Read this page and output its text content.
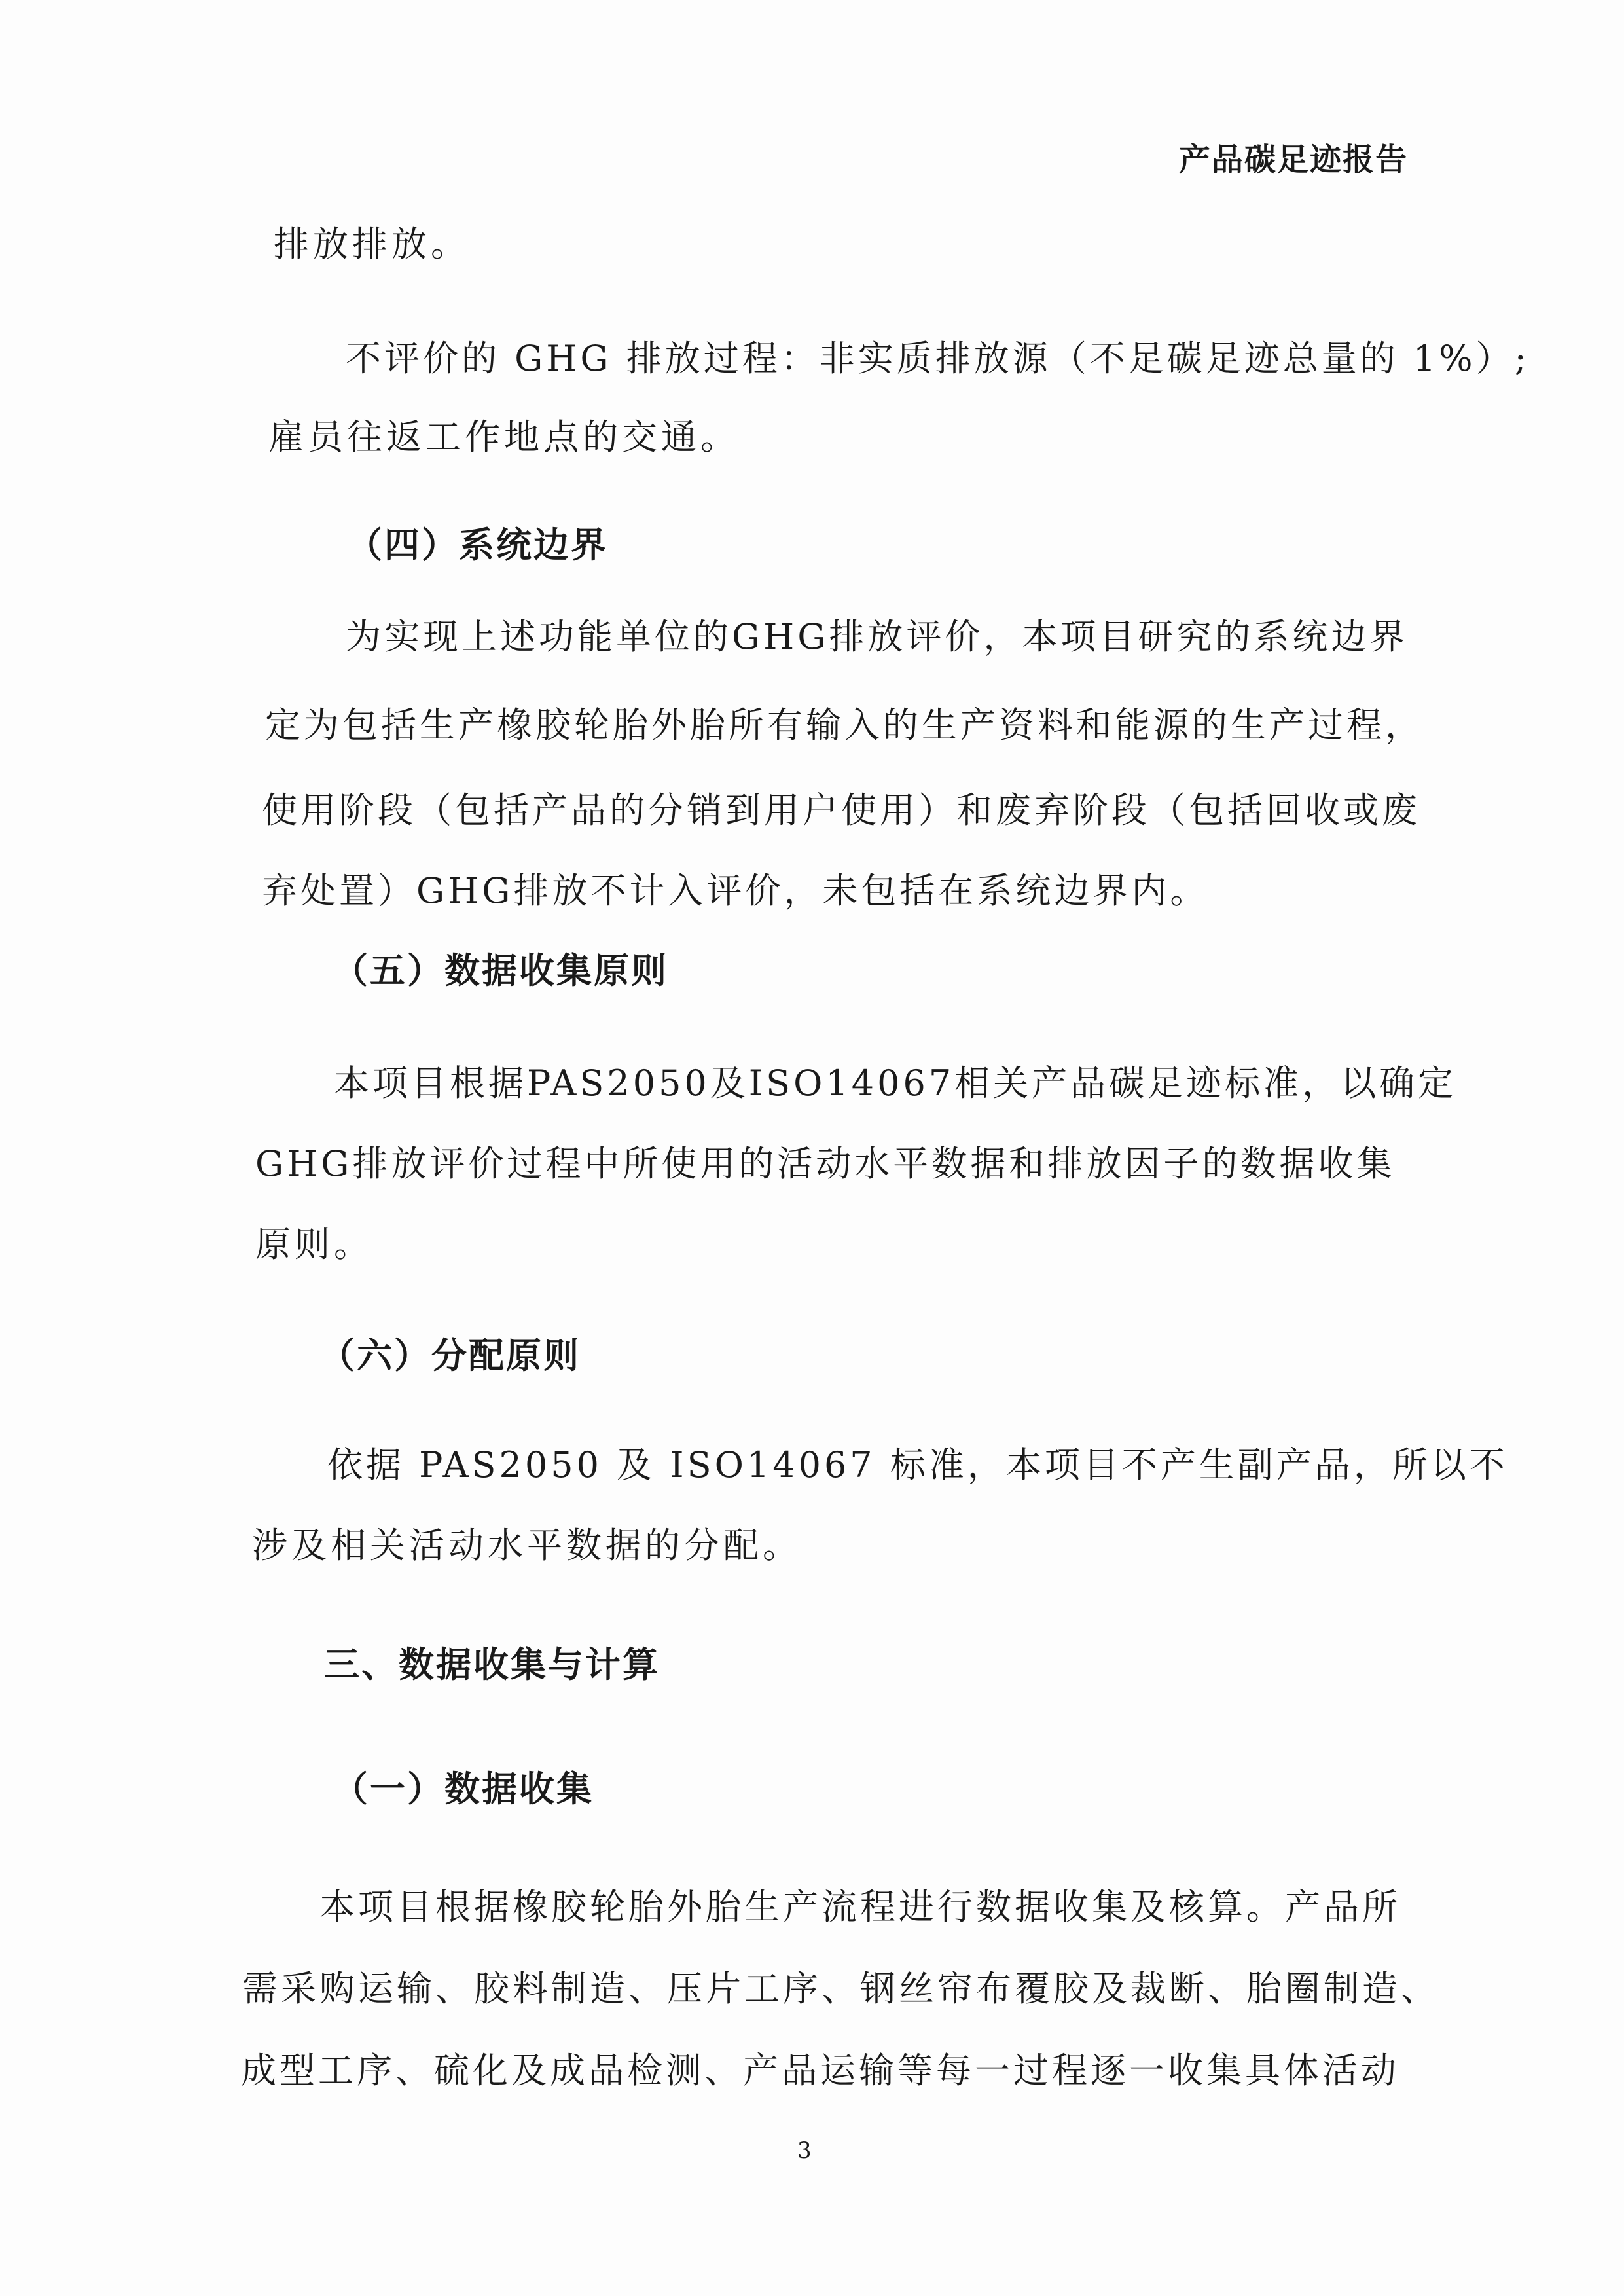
产品碳足迹报告
排放排放。
不评价的 GHG 排放过程：非实质排放源（不足碳足迹总量的 1%）;
雇员往返工作地点的交通。
（四）系统边界
为实现上述功能单位的GHG排放评价，本项目研究的系统边界
定为包括生产橡胶轮胎外胎所有输入的生产资料和能源的生产过程，
使用阶段（包括产品的分销到用户使用）和废弃阶段（包括回收或废
弃处置）GHG排放不计入评价，未包括在系统边界内。
（五）数据收集原则
本项目根据PAS2050及ISO14067相关产品碳足迹标准，以确定
GHG排放评价过程中所使用的活动水平数据和排放因子的数据收集
原则。
（六）分配原则
依据 PAS2050 及 ISO14067 标准，本项目不产生副产品，所以不
涉及相关活动水平数据的分配。
三、数据收集与计算
（一）数据收集
本项目根据橡胶轮胎外胎生产流程进行数据收集及核算。产品所
需采购运输、胶料制造、压片工序、钢丝帘布覆胶及裁断、胎圈制造、
成型工序、硫化及成品检测、产品运输等每一过程逐一收集具体活动
3
